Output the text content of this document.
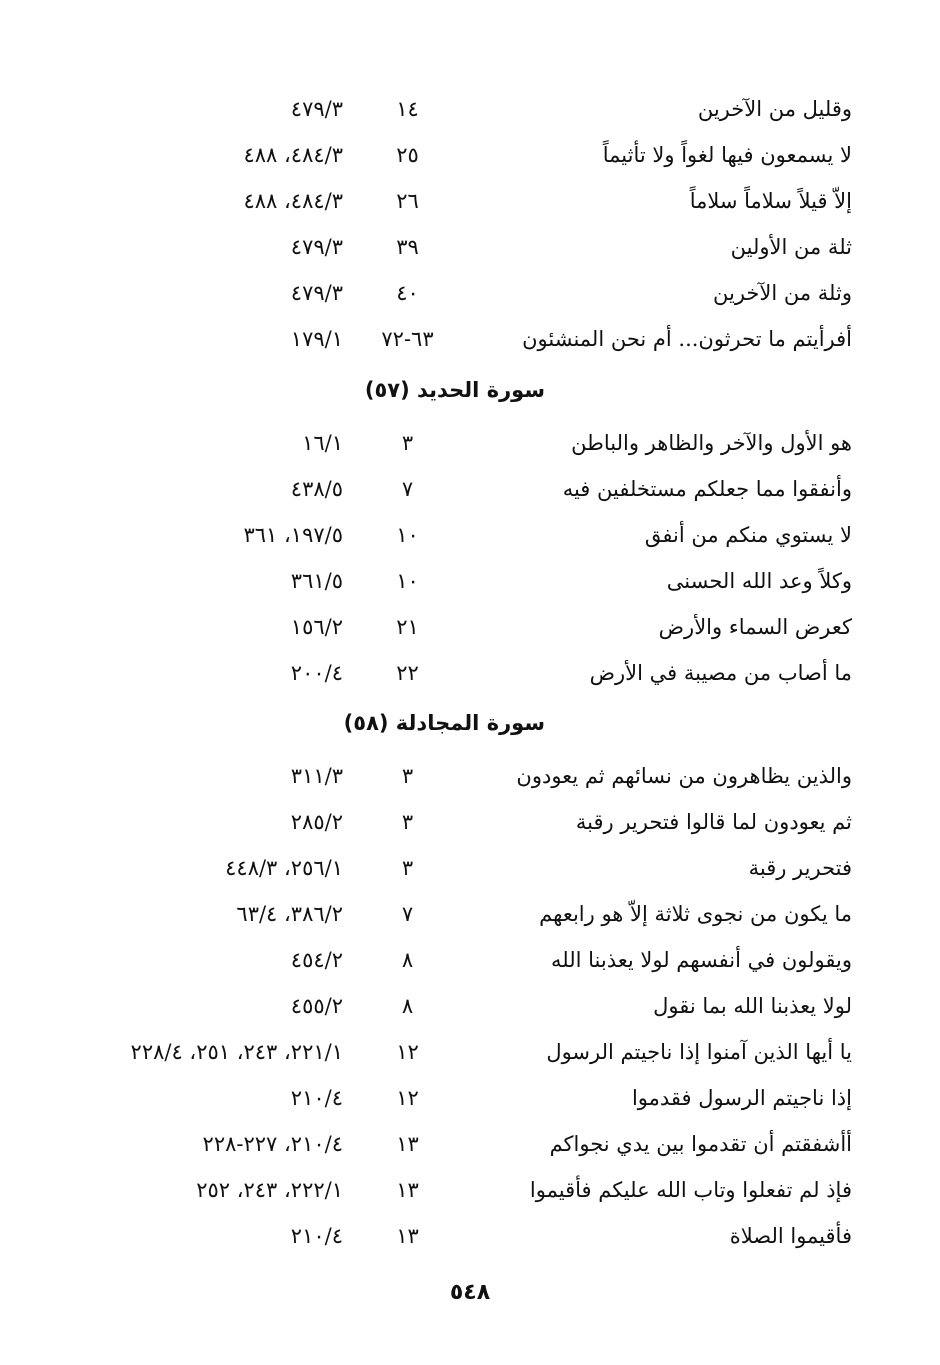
وقليل من الآخرين
١٤
٤٧٩/٣
لا يسمعون فيها لغواً ولا تأثيماً
٢٥
٤٨٤/٣، ٤٨٨
إلاّ قيلاً سلاماً سلاماً
٢٦
٤٨٤/٣، ٤٨٨
ثلة من الأولين
٣٩
٤٧٩/٣
وثلة من الآخرين
٤٠
٤٧٩/٣
أفرأيتم ما تحرثون... أم نحن المنشئون
٦٣-٧٢
١٧٩/١
سورة الحديد (٥٧)
هو الأول والآخر والظاهر والباطن
٣
١٦/١
وأنفقوا مما جعلكم مستخلفين فيه
٧
٤٣٨/٥
لا يستوي منكم من أنفق
١٠
١٩٧/٥، ٣٦١
وكلاً وعد الله الحسنى
١٠
٣٦١/٥
كعرض السماء والأرض
٢١
١٥٦/٢
ما أصاب من مصيبة في الأرض
٢٢
٢٠٠/٤
سورة المجادلة (٥٨)
والذين يظاهرون من نسائهم ثم يعودون
٣
٣١١/٣
ثم يعودون لما قالوا فتحرير رقبة
٣
٢٨٥/٢
فتحرير رقبة
٣
٢٥٦/١، ٤٤٨/٣
ما يكون من نجوى ثلاثة إلاّ هو رابعهم
٧
٣٨٦/٢، ٦٣/٤
ويقولون في أنفسهم لولا يعذبنا الله
٨
٤٥٤/٢
لولا يعذبنا الله بما نقول
٨
٤٥٥/٢
يا أيها الذين آمنوا إذا ناجيتم الرسول
١٢
٢٢١/١، ٢٤٣، ٢٥١، ٢٢٨/٤
إذا ناجيتم الرسول فقدموا
١٢
٢١٠/٤
أأشفقتم أن تقدموا بين يدي نجواكم
١٣
٢١٠/٤، ٢٢٧-٢٢٨
فإذ لم تفعلوا وتاب الله عليكم فأقيموا
١٣
٢٢٢/١، ٢٤٣، ٢٥٢
فأقيموا الصلاة
١٣
٢١٠/٤
٥٤٨
